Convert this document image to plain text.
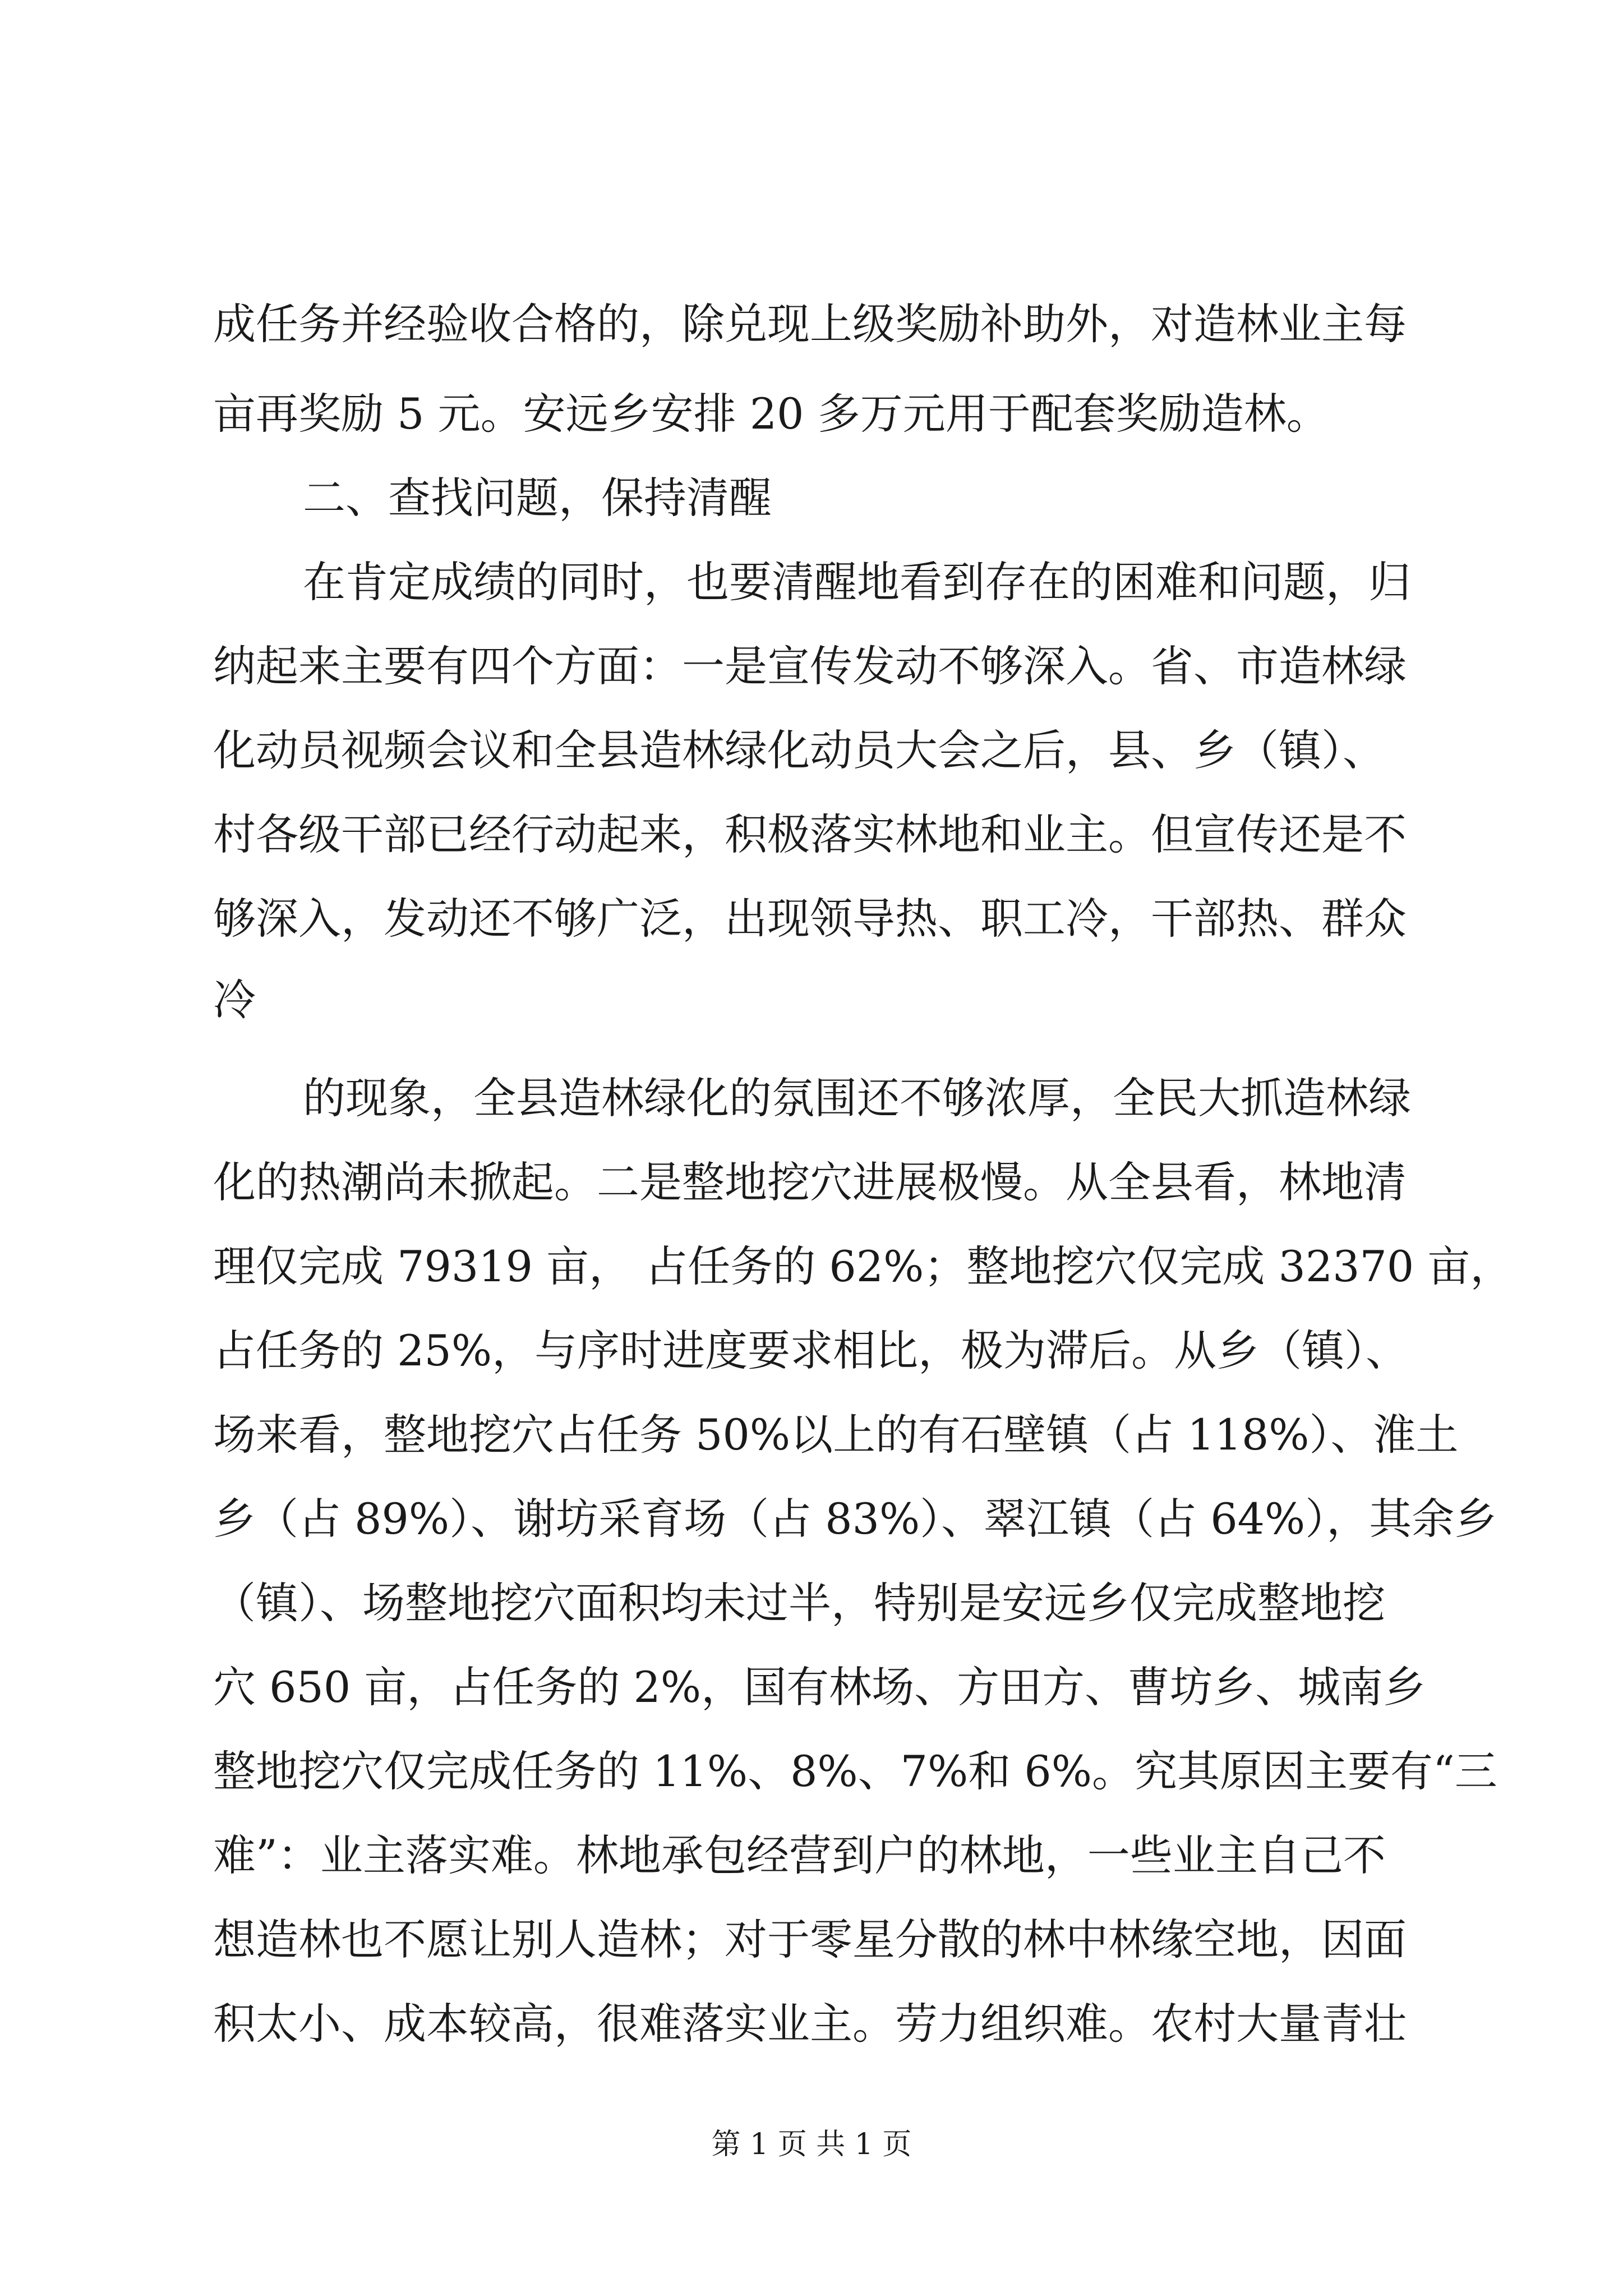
成任务并经验收合格的，除兑现上级奖励补助外，对造林业主每
亩再奖励 5 元。安远乡安排 20 多万元用于配套奖励造林。
二、查找问题，保持清醒
在肯定成绩的同时，也要清醒地看到存在的困难和问题，归
纳起来主要有四个方面：一是宣传发动不够深入。省、市造林绿
化动员视频会议和全县造林绿化动员大会之后，县、乡（镇）、
村各级干部已经行动起来，积极落实林地和业主。但宣传还是不
够深入，发动还不够广泛，出现领导热、职工冷，干部热、群众
冷
的现象，全县造林绿化的氛围还不够浓厚，全民大抓造林绿
化的热潮尚未掀起。二是整地挖穴进展极慢。从全县看，林地清
理仅完成 79319 亩， 占任务的 62%；整地挖穴仅完成 32370 亩，
占任务的 25%，与序时进度要求相比，极为滞后。从乡（镇）、
场来看，整地挖穴占任务 50%以上的有石壁镇（占 118%）、淮土
乡（占 89%）、谢坊采育场（占 83%）、翠江镇（占 64%），其余乡
（镇）、场整地挖穴面积均未过半，特别是安远乡仅完成整地挖
穴 650 亩，占任务的 2%，国有林场、方田方、曹坊乡、城南乡
整地挖穴仅完成任务的 11%、8%、7%和 6%。究其原因主要有“三
难”：业主落实难。林地承包经营到户的林地，一些业主自己不
想造林也不愿让别人造林；对于零星分散的林中林缘空地，因面
积太小、成本较高，很难落实业主。劳力组织难。农村大量青壮
第 1 页 共 1 页
